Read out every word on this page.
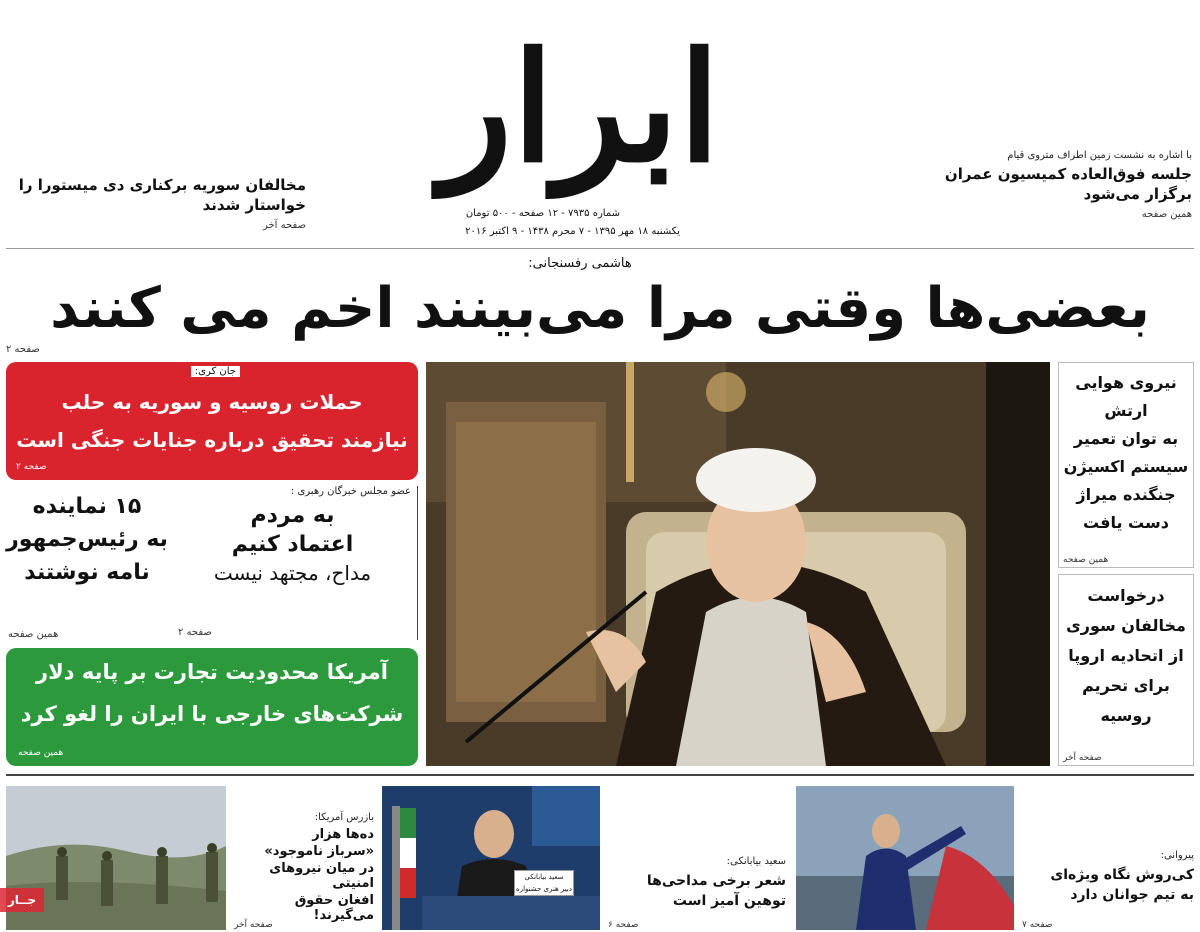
ابرار
شماره ۷۹۳۵ - ۱۲ صفحه - ۵۰۰ تومان
یکشنبه ۱۸ مهر ۱۳۹۵ - ۷ محرم ۱۴۳۸ - ۹ اکتبر ۲۰۱۶
با اشاره به نشست زمین اطراف متروی قیام
جلسه فوق‌العاده کمیسیون عمران
برگزار می‌شود
همین صفحه
مخالفان سوریه برکناری دی میستورا را
خواستار شدند
صفحه آخر
هاشمی رفسنجانی:
بعضی‌ها وقتی مرا می‌بینند اخم می کنند
صفحه ۲
جان کری:
حملات روسیه و سوریه به حلب
نیازمند تحقیق درباره جنایات جنگی است
صفحه ۲
عضو مجلس خبرگان رهبری :
به مردم
اعتماد کنیم
مداح، مجتهد نیست
صفحه ۲
۱۵ نماینده
به رئیس‌جمهور
نامه نوشتند
همین صفحه
آمریکا محدودیت تجارت بر پایه دلار
شرکت‌های خارجی با ایران را لغو کرد
همین صفحه
نیروی هوایی
ارتش
به توان تعمیر
سیستم اکسیژن
جنگنده میراژ
دست یافت
همین صفحه
درخواست
مخالفان سوری
از اتحادیه اروپا
برای تحریم
روسیه
صفحه آخر
پیروانی:
کی‌روش نگاه ویژه‌ای
به تیم جوانان دارد
صفحه ۷
سعید بیابانکی:
شعر برخی مداحی‌ها
توهین آمیز است
صفحه ۶
سعید بیابانکی
دبیر هنری جشنواره
بازرس آمریکا:
ده‌ها هزار
«سرباز ناموجود»
در میان نیروهای امنیتی
افغان حقوق می‌گیرند!
صفحه آخر
جــار
